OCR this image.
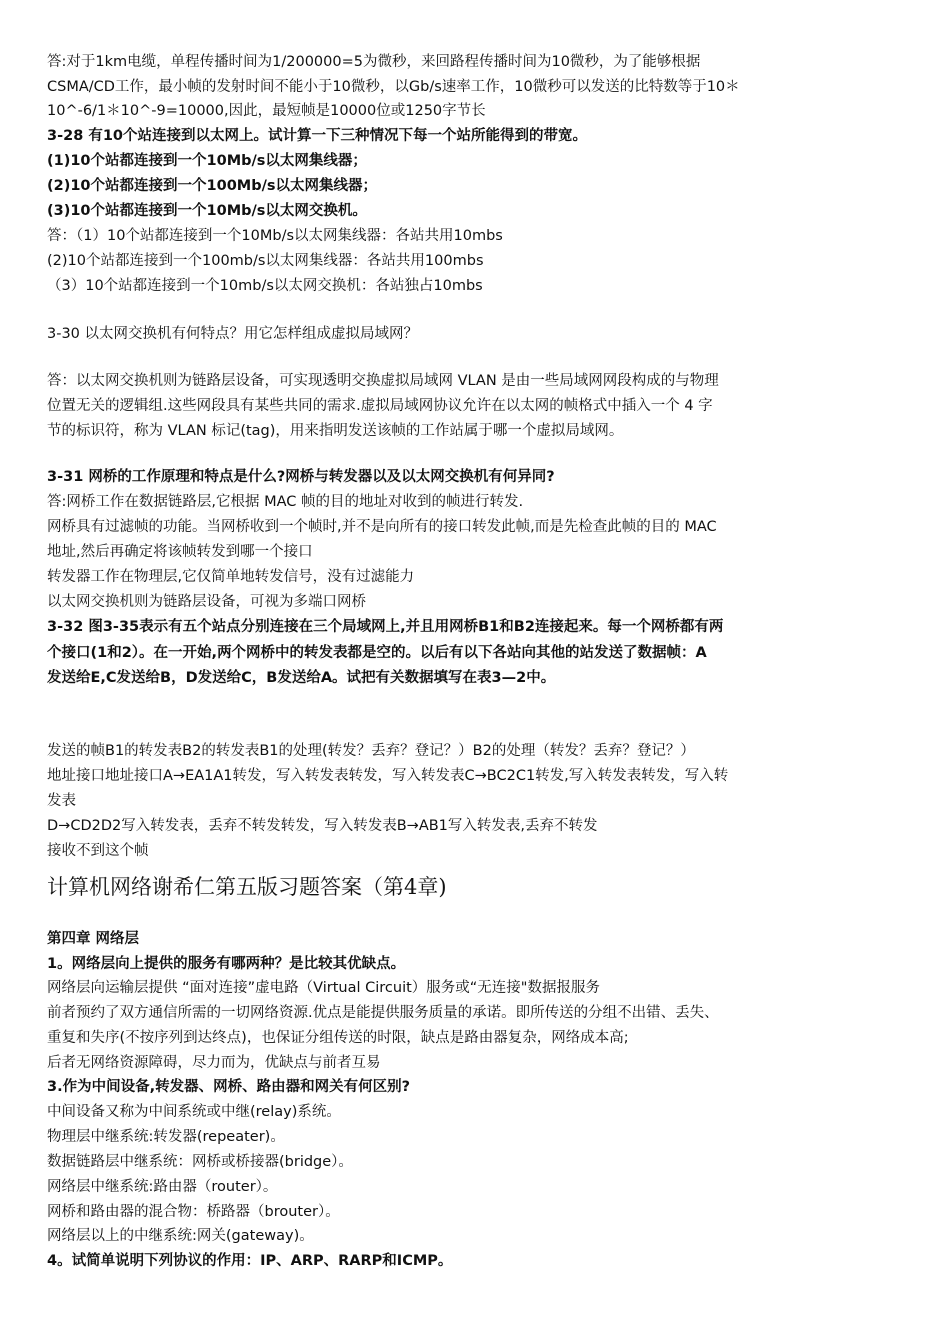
答:对于1km电缆，单程传播时间为1/200000=5为微秒，来回路程传播时间为10微秒，为了能够根据
CSMA/CD工作，最小帧的发射时间不能小于10微秒，以Gb/s速率工作，10微秒可以发送的比特数等于10＊
10^-6/1＊10^-9=10000,因此，最短帧是10000位或1250字节长
3-28 有10个站连接到以太网上。试计算一下三种情况下每一个站所能得到的带宽。
(1)10个站都连接到一个10Mb/s以太网集线器；
(2)10个站都连接到一个100Mb/s以太网集线器；
(3)10个站都连接到一个10Mb/s以太网交换机。
答：（1）10个站都连接到一个10Mb/s以太网集线器：各站共用10mbs
(2)10个站都连接到一个100mb/s以太网集线器：各站共用100mbs
（3）10个站都连接到一个10mb/s以太网交换机：各站独占10mbs
3-30 以太网交换机有何特点？用它怎样组成虚拟局域网？
答：以太网交换机则为链路层设备，可实现透明交换虚拟局域网 VLAN 是由一些局域网网段构成的与物理
位置无关的逻辑组.这些网段具有某些共同的需求.虚拟局域网协议允许在以太网的帧格式中插入一个 4 字
节的标识符，称为 VLAN 标记(tag)，用来指明发送该帧的工作站属于哪一个虚拟局域网。
3-31 网桥的工作原理和特点是什么?网桥与转发器以及以太网交换机有何异同?
答:网桥工作在数据链路层,它根据 MAC 帧的目的地址对收到的帧进行转发.
网桥具有过滤帧的功能。当网桥收到一个帧时,并不是向所有的接口转发此帧,而是先检查此帧的目的 MAC
地址,然后再确定将该帧转发到哪一个接口
转发器工作在物理层,它仅简单地转发信号，没有过滤能力
以太网交换机则为链路层设备，可视为多端口网桥
3-32 图3-35表示有五个站点分别连接在三个局域网上,并且用网桥B1和B2连接起来。每一个网桥都有两
个接口(1和2）。在一开始,两个网桥中的转发表都是空的。以后有以下各站向其他的站发送了数据帧：A
发送给E,C发送给B，D发送给C，B发送给A。试把有关数据填写在表3—2中。
发送的帧B1的转发表B2的转发表B1的处理(转发？丢弃？登记？）B2的处理（转发？丢弃？登记？）
地址接口地址接口A→EA1A1转发，写入转发表转发，写入转发表C→BC2C1转发,写入转发表转发，写入转
发表
D→CD2D2写入转发表，丢弃不转发转发，写入转发表B→AB1写入转发表,丢弃不转发
接收不到这个帧
计算机网络谢希仁第五版习题答案（第4章)
第四章 网络层
1。网络层向上提供的服务有哪两种？是比较其优缺点。
网络层向运输层提供 “面对连接”虚电路（Virtual Circuit）服务或“无连接"数据报服务
前者预约了双方通信所需的一切网络资源.优点是能提供服务质量的承诺。即所传送的分组不出错、丢失、
重复和失序(不按序列到达终点)，也保证分组传送的时限，缺点是路由器复杂，网络成本高;
后者无网络资源障碍，尽力而为，优缺点与前者互易
3.作为中间设备,转发器、网桥、路由器和网关有何区别?
中间设备又称为中间系统或中继(relay)系统。
物理层中继系统:转发器(repeater)。
数据链路层中继系统：网桥或桥接器(bridge）。
网络层中继系统:路由器（router）。
网桥和路由器的混合物：桥路器（brouter）。
网络层以上的中继系统:网关(gateway)。
4。试简单说明下列协议的作用：IP、ARP、RARP和ICMP。
